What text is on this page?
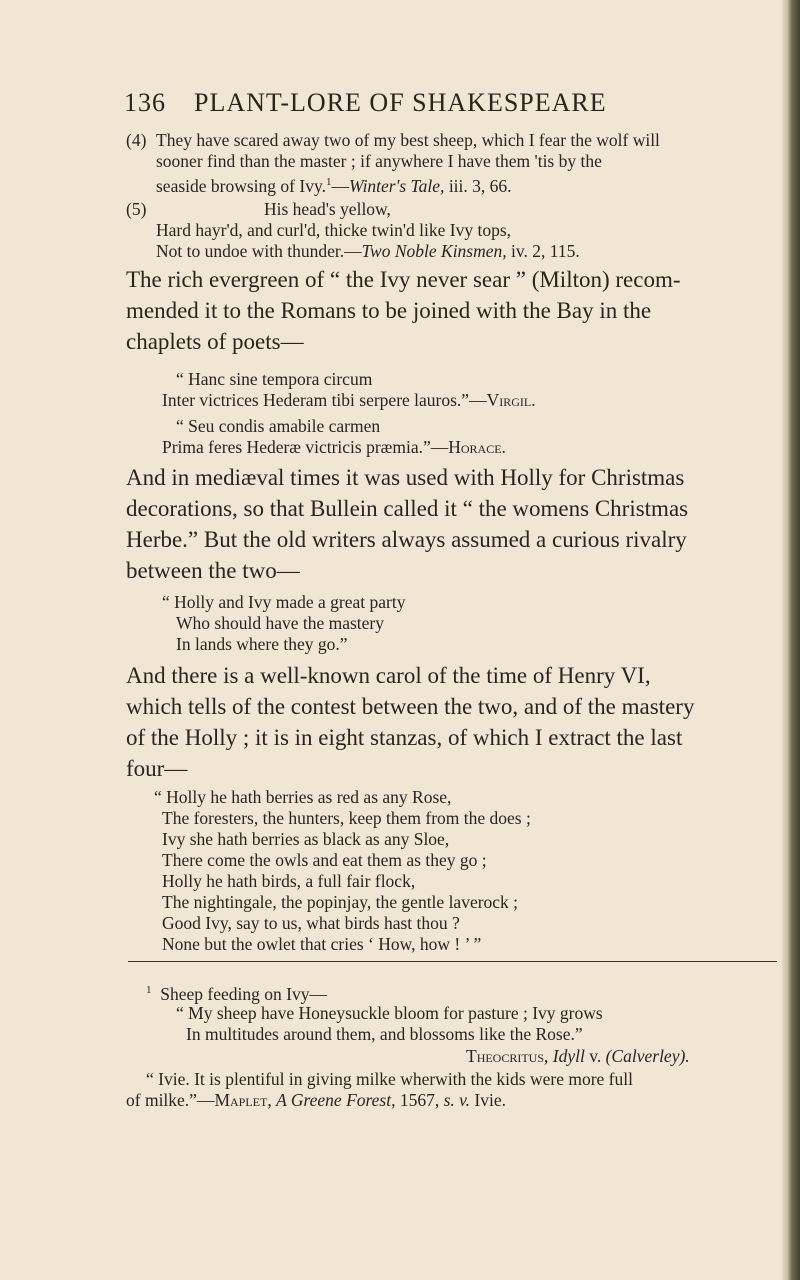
136 PLANT-LORE OF SHAKESPEARE
(4) They have scared away two of my best sheep, which I fear the wolf will
sooner find than the master ; if anywhere I have them 'tis by the
seaside browsing of Ivy.$^1$—Winter's Tale, iii. 3, 66.
(5)	His head's yellow,
Hard hayr'd, and curl'd, thicke twin'd like Ivy tops,
Not to undoe with thunder.—Two Noble Kinsmen, iv. 2, 115.
The rich evergreen of “ the Ivy never sear ” (Milton) recom-
mended it to the Romans to be joined with the Bay in the
chaplets of poets—
“ Hanc sine tempora circum
Inter victrices Hederam tibi serpere lauros.”—Virgil.
“ Seu condis amabile carmen
Prima feres Hederæ victricis præmia.”—Horace.
And in mediæval times it was used with Holly for Christmas
decorations, so that Bullein called it “ the womens Christmas
Herbe.” But the old writers always assumed a curious rivalry
between the two—
“ Holly and Ivy made a great party
Who should have the mastery
In lands where they go.”
And there is a well-known carol of the time of Henry VI,
which tells of the contest between the two, and of the mastery
of the Holly ; it is in eight stanzas, of which I extract the last
four—
“ Holly he hath berries as red as any Rose,
The foresters, the hunters, keep them from the does ;
Ivy she hath berries as black as any Sloe,
There come the owls and eat them as they go ;
Holly he hath birds, a full fair flock,
The nightingale, the popinjay, the gentle laverock ;
Good Ivy, say to us, what birds hast thou ?
None but the owlet that cries ‘ How, how ! ’ ”
$^1$ Sheep feeding on Ivy—
“ My sheep have Honeysuckle bloom for pasture ; Ivy grows
In multitudes around them, and blossoms like the Rose.”
Theocritus, Idyll v. (Calverley).
“ Ivie. It is plentiful in giving milke wherwith the kids were more full
of milke.”—Maplet, A Greene Forest, 1567, s. v. Ivie.
